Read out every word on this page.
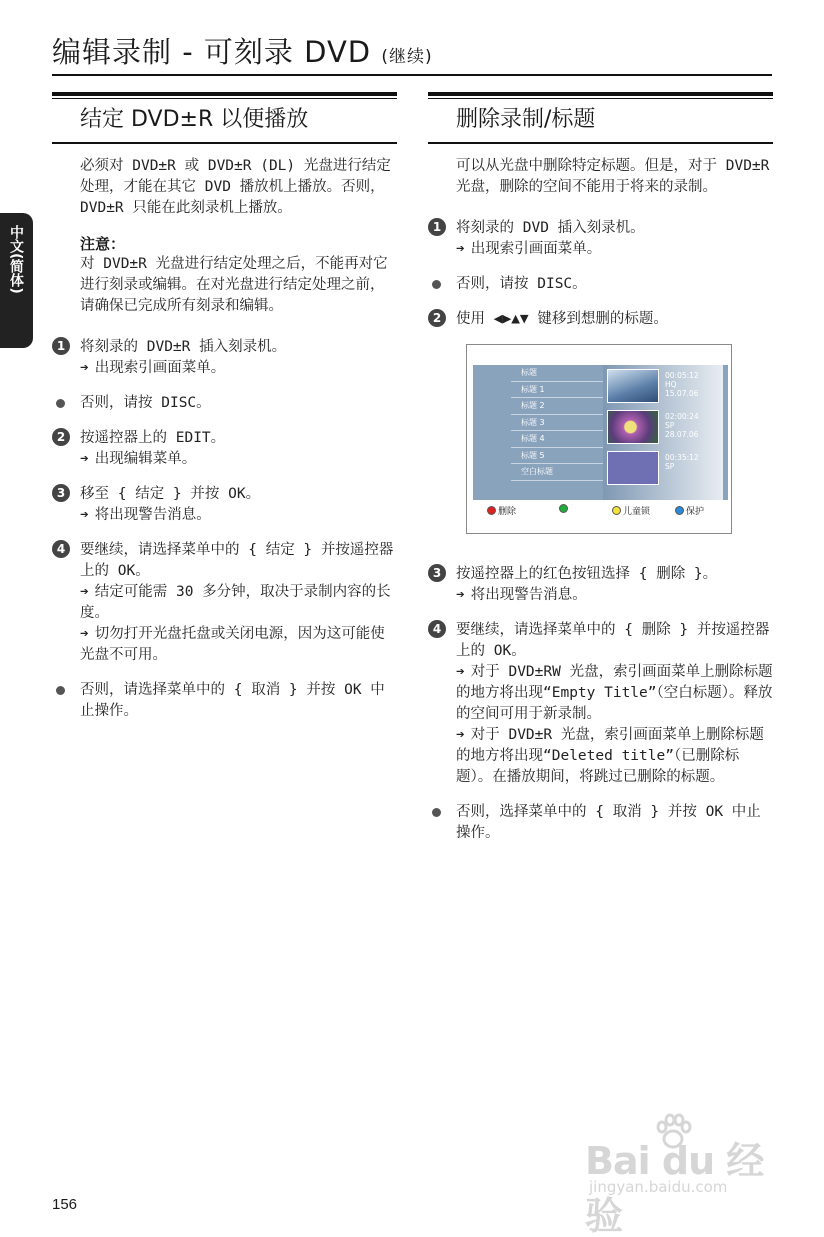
编辑录制 - 可刻录 DVD (继续)
中文(简体)
结定 DVD±R 以便播放

必须对 DVD±R 或 DVD±R (DL) 光盘进行结定处理，才能在其它 DVD 播放机上播放。否则，DVD±R 只能在此刻录机上播放。

注意：

对 DVD±R 光盘进行结定处理之后，不能再对它进行刻录或编辑。在对光盘进行结定处理之前，请确保已完成所有刻录和编辑。

1	将刻录的 DVD±R 插入刻录机。
➔ 出现索引画面菜单。
否则，请按 DISC。
2	按遥控器上的 EDIT。
➔ 出现编辑菜单。
3	移至 { 结定 } 并按 OK。
➔ 将出现警告消息。
4	要继续，请选择菜单中的 { 结定 } 并按遥控器上的 OK。
➔ 结定可能需 30 多分钟，取决于录制内容的长度。
➔ 切勿打开光盘托盘或关闭电源，因为这可能使光盘不可用。
否则，请选择菜单中的 { 取消 } 并按 OK 中止操作。
删除录制/标题

可以从光盘中删除特定标题。但是，对于 DVD±R 光盘，删除的空间不能用于将来的录制。

1	将刻录的 DVD 插入刻录机。
➔ 出现索引画面菜单。
否则，请按 DISC。
2	使用 ◀▶▲▼ 键移到想删的标题。
标题
标题 1
标题 2
标题 3
标题 4
标题 5
空白标题
00:05:12
HQ
15.07.06
02:00:24
SP
28.07.06
00:35:12
SP
删除	儿童锁	保护
3	按遥控器上的红色按钮选择 { 删除 }。
➔ 将出现警告消息。
4	要继续，请选择菜单中的 { 删除 } 并按遥控器上的 OK。
➔ 对于 DVD±RW 光盘，索引画面菜单上删除标题的地方将出现“Empty Title”（空白标题）。释放的空间可用于新录制。
➔ 对于 DVD±R 光盘，索引画面菜单上删除标题的地方将出现“Deleted title”（已删除标题）。在播放期间，将跳过已删除的标题。
否则，选择菜单中的 { 取消 } 并按 OK 中止操作。
156
Bai du 经验
jingyan.baidu.com
